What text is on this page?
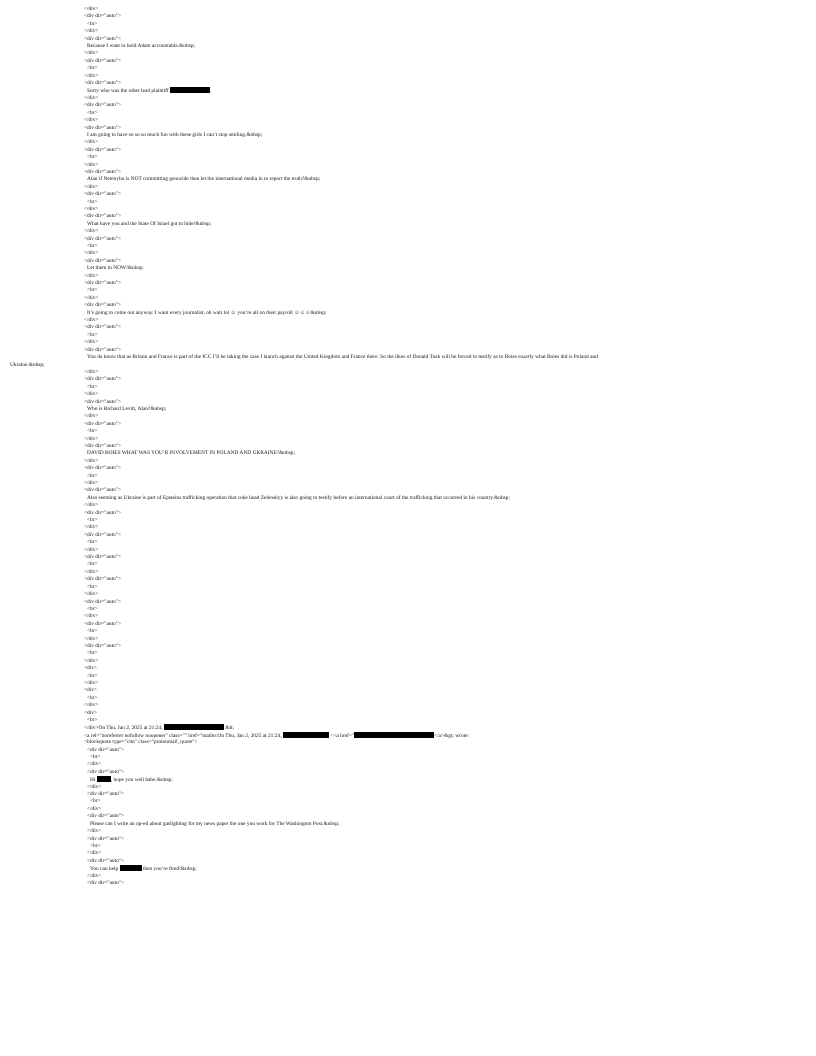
</div>
<div dir="auto">
<br>
</div>
<div dir="auto">
Because I want to hold Adam accountable.&nbsp;
</div>
<div dir="auto">
<br>
</div>
<div dir="auto">
Sorry who was the other lead plaintiff	.
</div>
<div dir="auto">
<br>
</div>
<div dir="auto">
I am going to have so so so much fun with these girls I can’t stop smiling.&nbsp;
</div>
<div dir="auto">
<br>
</div>
<div dir="auto">
Alan if Netenyhu is NOT committing genocide then let the international media in to report the truth?&nbsp;
</div>
<div dir="auto">
<br>
</div>
<div dir="auto">
What have you and the State Of Israel got to hide!&nbsp;
</div>
<div dir="auto">
<br>
</div>
<div dir="auto">
Let them in NOW!&nbsp;
</div>
<div dir="auto">
<br>
</div>
<div dir="auto">
It’s going to come out anyway. I want every journalist, oh wait lol ☺ you’re all on their payroll ☺☺☺&nbsp;
</div>
<div dir="auto">
<br>
</div>
<div dir="auto">
You do know that as Britain and France is part of the ICC I’ll be taking the case I launch against the United Kingdom and France there. So the likes of Donald Tusk will be forced to testify as to Boies exactly what Boies did is Poland and
Ukraine.&nbsp;
</div>
<div dir="auto">
<br>
</div>
<div dir="auto">
Who is Richard Levitt, Alan?&nbsp;
</div>
<div dir="auto">
<br>
</div>
<div dir="auto">
DAVID BOIES WHAT WAS YOU’R INVOLVEMENT IN POLAND AND UKRAINE?&nbsp;
</div>
<div dir="auto">
<br>
</div>
<div dir="auto">
Also seeming as Ukraine is part of Epsteins trafficking operation that coke head Zelenskyy is also going to testify before an international court of the trafficking that occurred in his country.&nbsp;
</div>
<div dir="auto">
<br>
</div>
<div dir="auto">
<br>
</div>
<div dir="auto">
<br>
</div>
<div dir="auto">
<br>
</div>
<div dir="auto">
<br>
</div>
<div dir="auto">
<br>
</div>
<div dir="auto">
<br>
</div>
<div>
<br>
</div>
<div>
<br>
</div>
<div>
<br>
</div>On Thu, Jan 2, 2025 at 21:24,	&lt;
<a rel="noreferrer nofollow noopener" class="" href="mailto:On Thu, Jan 2, 2025 at 21:24,	<<a href="	</a>&gt; wrote:
<blockquote type="cite" class="protonmail_quote">
<div dir="auto">
<br>
</div>
<div dir="auto">
Hi	, hope you well babe.&nbsp;
</div>
<div dir="auto">
<br>
</div>
<div dir="auto">
Please can I write an op-ed about gaslighting for my news paper the one you work for The Washington Post.&nbsp;
</div>
<div dir="auto">
<br>
</div>
<div dir="auto">
You can help	then you’re fired!&nbsp;
</div>
<div dir="auto">
